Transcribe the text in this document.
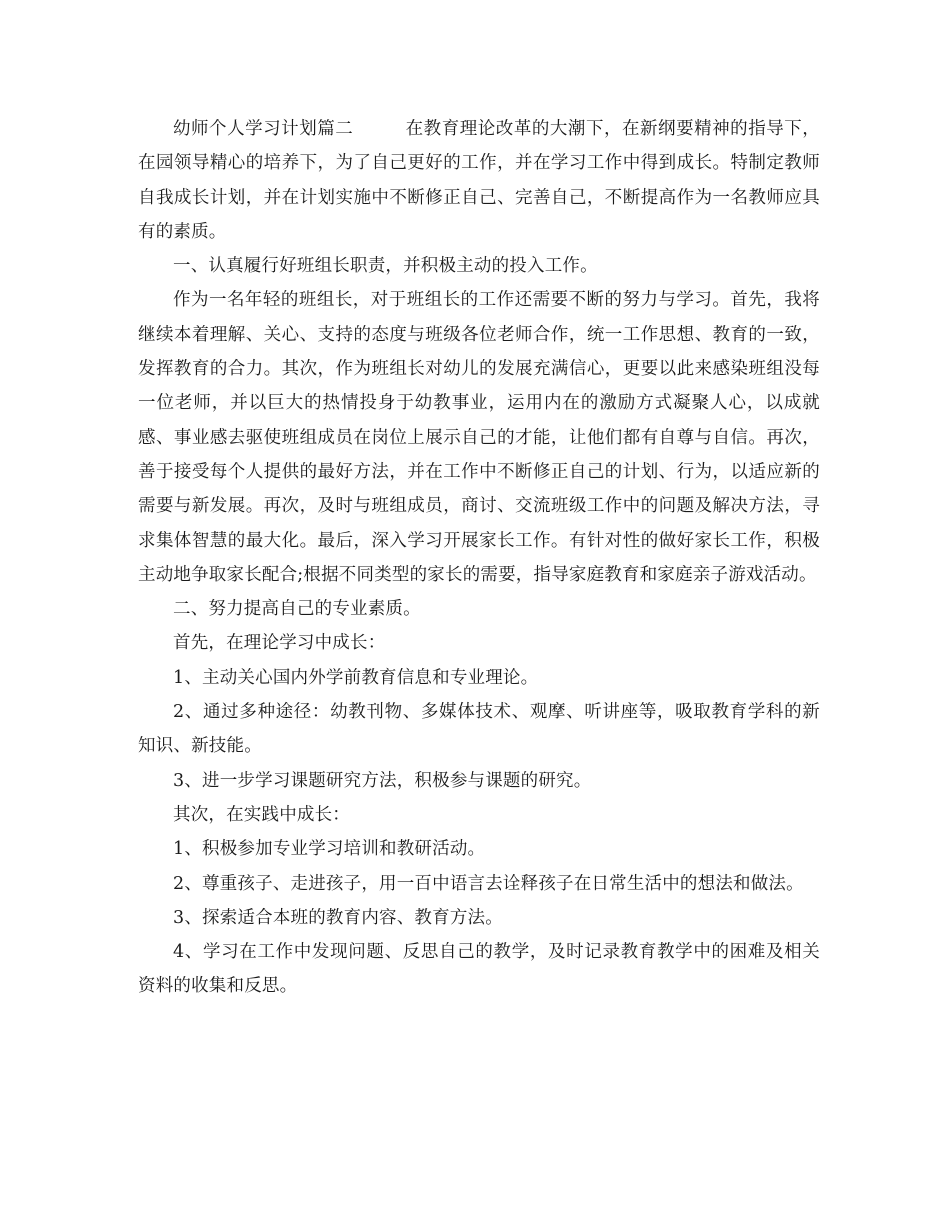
幼师个人学习计划篇二	在教育理论改革的大潮下，在新纲要精神的指导下，在园领导精心的培养下，为了自己更好的工作，并在学习工作中得到成长。特制定教师自我成长计划，并在计划实施中不断修正自己、完善自己，不断提高作为一名教师应具有的素质。

一、认真履行好班组长职责，并积极主动的投入工作。

作为一名年轻的班组长，对于班组长的工作还需要不断的努力与学习。首先，我将继续本着理解、关心、支持的态度与班级各位老师合作，统一工作思想、教育的一致，发挥教育的合力。其次，作为班组长对幼儿的发展充满信心，更要以此来感染班组没每一位老师，并以巨大的热情投身于幼教事业，运用内在的激励方式凝聚人心，以成就感、事业感去驱使班组成员在岗位上展示自己的才能，让他们都有自尊与自信。再次，善于接受每个人提供的最好方法，并在工作中不断修正自己的计划、行为，以适应新的需要与新发展。再次，及时与班组成员，商讨、交流班级工作中的问题及解决方法，寻求集体智慧的最大化。最后，深入学习开展家长工作。有针对性的做好家长工作，积极主动地争取家长配合;根据不同类型的家长的需要，指导家庭教育和家庭亲子游戏活动。

二、努力提高自己的专业素质。

首先，在理论学习中成长：

1、主动关心国内外学前教育信息和专业理论。

2、通过多种途径：幼教刊物、多媒体技术、观摩、听讲座等，吸取教育学科的新知识、新技能。

3、进一步学习课题研究方法，积极参与课题的研究。

其次，在实践中成长：

1、积极参加专业学习培训和教研活动。

2、尊重孩子、走进孩子，用一百中语言去诠释孩子在日常生活中的想法和做法。

3、探索适合本班的教育内容、教育方法。

4、学习在工作中发现问题、反思自己的教学，及时记录教育教学中的困难及相关资料的收集和反思。
